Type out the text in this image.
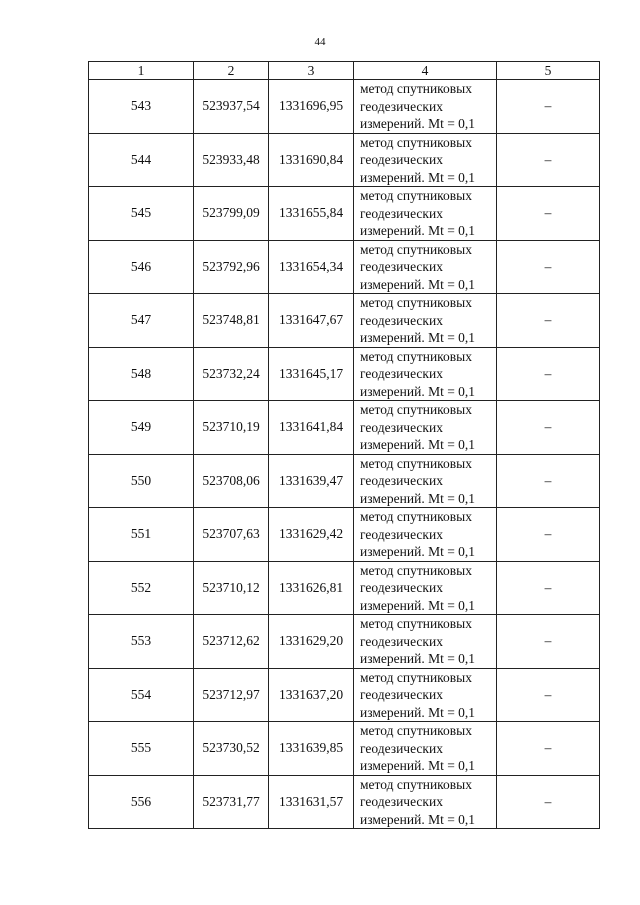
44
1	2	3	4	5
543	523937,54	1331696,95	метод спутниковых
геодезических
измерений. Mt = 0,1	–
544	523933,48	1331690,84	метод спутниковых
геодезических
измерений. Mt = 0,1	–
545	523799,09	1331655,84	метод спутниковых
геодезических
измерений. Mt = 0,1	–
546	523792,96	1331654,34	метод спутниковых
геодезических
измерений. Mt = 0,1	–
547	523748,81	1331647,67	метод спутниковых
геодезических
измерений. Mt = 0,1	–
548	523732,24	1331645,17	метод спутниковых
геодезических
измерений. Mt = 0,1	–
549	523710,19	1331641,84	метод спутниковых
геодезических
измерений. Mt = 0,1	–
550	523708,06	1331639,47	метод спутниковых
геодезических
измерений. Mt = 0,1	–
551	523707,63	1331629,42	метод спутниковых
геодезических
измерений. Mt = 0,1	–
552	523710,12	1331626,81	метод спутниковых
геодезических
измерений. Mt = 0,1	–
553	523712,62	1331629,20	метод спутниковых
геодезических
измерений. Mt = 0,1	–
554	523712,97	1331637,20	метод спутниковых
геодезических
измерений. Mt = 0,1	–
555	523730,52	1331639,85	метод спутниковых
геодезических
измерений. Mt = 0,1	–
556	523731,77	1331631,57	метод спутниковых
геодезических
измерений. Mt = 0,1	–
